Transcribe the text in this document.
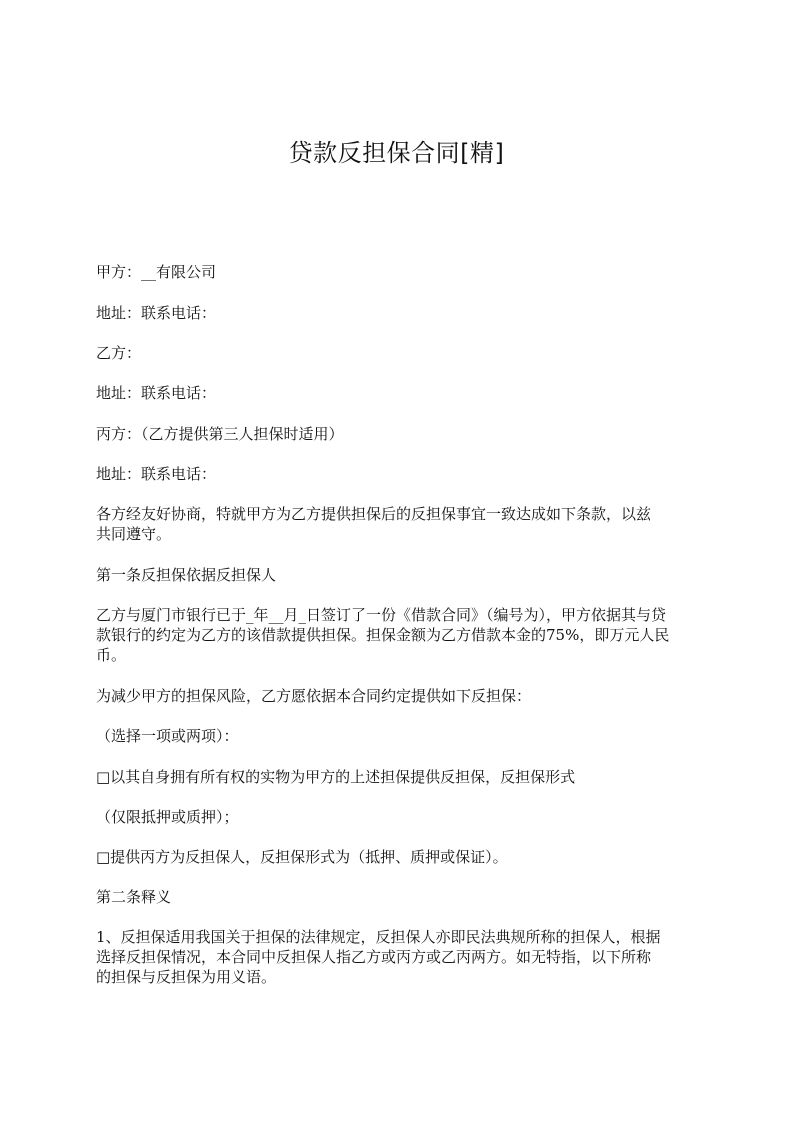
贷款反担保合同[精]
甲方：__有限公司
地址：联系电话：
乙方：
地址：联系电话：
丙方：（乙方提供第三人担保时适用）
地址：联系电话：
各方经友好协商，特就甲方为乙方提供担保后的反担保事宜一致达成如下条款，以兹
共同遵守。
第一条反担保依据反担保人
乙方与厦门市银行已于_年__月_日签订了一份《借款合同》（编号为），甲方依据其与贷
款银行的约定为乙方的该借款提供担保。担保金额为乙方借款本金的75%，即万元人民
币。
为减少甲方的担保风险，乙方愿依据本合同约定提供如下反担保：
（选择一项或两项）：
□以其自身拥有所有权的实物为甲方的上述担保提供反担保，反担保形式
（仅限抵押或质押）；
□提供丙方为反担保人，反担保形式为（抵押、质押或保证）。
第二条释义
1、反担保适用我国关于担保的法律规定，反担保人亦即民法典规所称的担保人，根据
选择反担保情况，本合同中反担保人指乙方或丙方或乙丙两方。如无特指，以下所称
的担保与反担保为用义语。
